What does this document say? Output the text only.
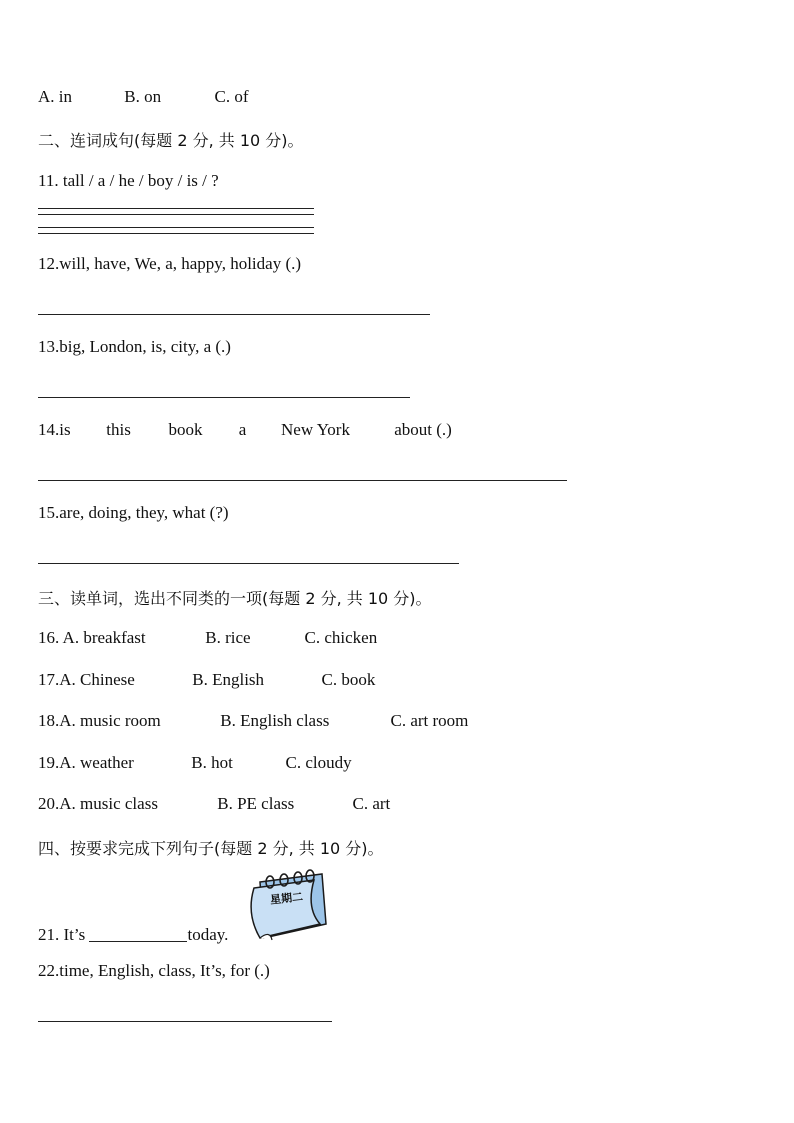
A. in	B. on	C. of
二、连词成句(每题 2 分, 共 10 分)。
11. tall / a / he / boy / is / ?
12.will, have, We, a, happy, holiday (.)
13.big, London, is, city, a (.)
14.is this book a New York	about (.)
15.are, doing, they, what (?)
三、读单词，选出不同类的一项(每题 2 分, 共 10 分)。
16. A. breakfast	B. rice	C. chicken
17.A. Chinese	B. English	C. book
18.A. music room	B. English class	C. art room
19.A. weather	B. hot	C. cloudy
20.A. music class	B. PE class	C. art
四、按要求完成下列句子(每题 2 分, 共 10 分)。
星期二
21. It’s	today.
22.time, English, class, It’s, for (.)
